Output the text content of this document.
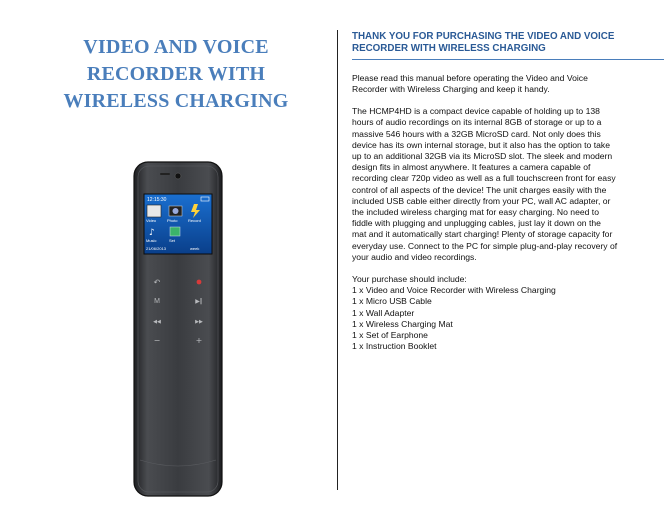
VIDEO AND VOICE
RECORDER WITH
WIRELESS CHARGING
12:15:30
Video	Photo	Record
♪
Music	Set
21/06/2013	week
↶
M	▶‖
◀◀	▶▶
−	+
THANK YOU FOR PURCHASING THE VIDEO AND VOICE
RECORDER WITH WIRELESS CHARGING
Please read this manual before operating the Video and Voice
Recorder with Wireless Charging and keep it handy.
The HCMP4HD is a compact device capable of holding up to 138
hours of audio recordings on its internal 8GB of storage or up to a
massive 546 hours with a 32GB MicroSD card. Not only does this
device has its own internal storage, but it also has the option to take
up to an additional 32GB via its MicroSD slot. The sleek and modern
design fits in almost anywhere. It features a camera capable of
recording clear 720p video as well as a full touchscreen front for easy
control of all aspects of the device! The unit charges easily with the
included USB cable either directly from your PC, wall AC adapter, or
the included wireless charging mat for easy charging. No need to
fiddle with plugging and unplugging cables, just lay it down on the
mat and it automatically start charging! Plenty of storage capacity for
everyday use. Connect to the PC for simple plug-and-play recovery of
your audio and video recordings.
Your purchase should include:
1 x Video and Voice Recorder with Wireless Charging
1 x Micro USB Cable
1 x Wall Adapter
1 x Wireless Charging Mat
1 x Set of Earphone
1 x Instruction Booklet
